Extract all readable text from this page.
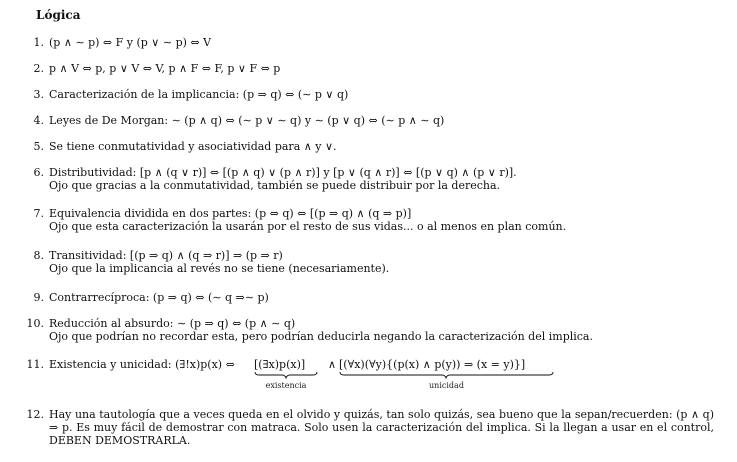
Lógica
1. (p ∧ ∼ p) ⇔ F y (p ∨ ∼ p) ⇔ V
2. p ∧ V ⇔ p, p ∨ V ⇔ V, p ∧ F ⇔ F, p ∨ F ⇔ p
3. Caracterización de la implicancia: (p ⇒ q) ⇔ (∼ p ∨ q)
4. Leyes de De Morgan: ∼ (p ∧ q) ⇔ (∼ p ∨ ∼ q) y ∼ (p ∨ q) ⇔ (∼ p ∧ ∼ q)
5. Se tiene conmutatividad y asociatividad para ∧ y ∨.
6. Distributividad: [p ∧ (q ∨ r)] ⇔ [(p ∧ q) ∨ (p ∧ r)] y [p ∨ (q ∧ r)] ⇔ [(p ∨ q) ∧ (p ∨ r)].
Ojo que gracias a la conmutatividad, también se puede distribuir por la derecha.
7. Equivalencia dividida en dos partes: (p ⇔ q) ⇔ [(p ⇒ q) ∧ (q ⇒ p)]
Ojo que esta caracterización la usarán por el resto de sus vidas... o al menos en plan común.
8. Transitividad: [(p ⇒ q) ∧ (q ⇒ r)] ⇒ (p ⇒ r)
Ojo que la implicancia al revés no se tiene (necesariamente).
9. Contrarrecíproca: (p ⇒ q) ⇔ (∼ q ⇒∼ p)
10. Reducción al absurdo: ∼ (p ⇒ q) ⇔ (p ∧ ∼ q)
Ojo que podrían no recordar esta, pero podrían deducirla negando la caracterización del implica.
11. Existencia y unicidad: (∃!x)p(x) ⇔ [(∃x)p(x)] ∧ [(∀x)(∀y){(p(x) ∧ p(y)) ⇒ (x = y)}]
existencia	unicidad
12. Hay una tautología que a veces queda en el olvido y quizás, tan solo quizás, sea bueno que la sepan/recuerden: (p ∧ q) ⇒ p. Es muy fácil de demostrar con matraca. Solo usen la caracterización del implica. Si la llegan a usar en el control, DEBEN DEMOSTRARLA.
